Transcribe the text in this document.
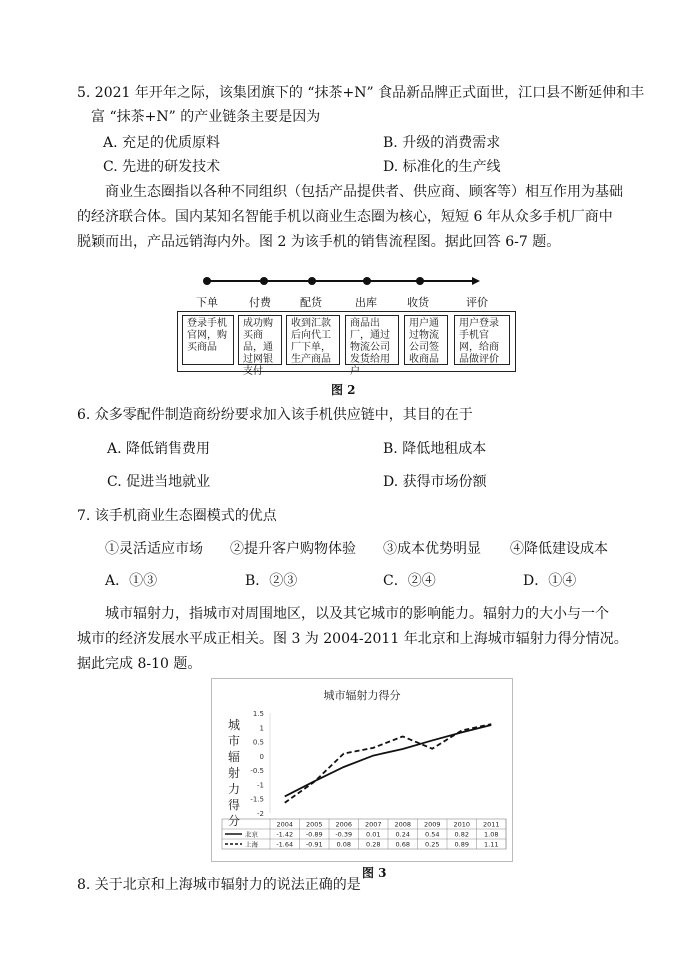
5. 2021 年开年之际，该集团旗下的 “抹茶+N” 食品新品牌正式面世，江口县不断延伸和丰
富 “抹茶+N” 的产业链条主要是因为
A. 充足的优质原料	B. 升级的消费需求
C. 先进的研发技术	D. 标准化的生产线
商业生态圈指以各种不同组织（包括产品提供者、供应商、顾客等）相互作用为基础
的经济联合体。国内某知名智能手机以商业生态圈为核心，短短 6 年从众多手机厂商中
脱颖而出，产品远销海内外。图 2 为该手机的销售流程图。据此回答 6-7 题。
下单	付费	配货	出库	收货	评价
登录手机官网，购买商品
成功购买商品，通过网银支付
收到汇款后向代工厂下单，生产商品
商品出厂，通过物流公司发货给用户
用户通过物流公司签收商品
用户登录手机官网，给商品做评价
图 2
6. 众多零配件制造商纷纷要求加入该手机供应链中，其目的在于
A. 降低销售费用	B. 降低地租成本
C. 促进当地就业	D. 获得市场份额
7. 该手机商业生态圈模式的优点
①灵活适应市场 ②提升客户购物体验 ③成本优势明显 ④降低建设成本
A．①③	B．②③	C．②④	D．①④
城市辐射力，指城市对周围地区，以及其它城市的影响能力。辐射力的大小与一个
城市的经济发展水平成正相关。图 3 为 2004-2011 年北京和上海城市辐射力得分情况。
据此完成 8-10 题。
城市辐射力得分
城
市
辐
射
力
得
分
1.5
1
0.5
0
-0.5
-1
-1.5
-2
2004 2005 2006 2007 2008 2009 2010 2011
北京	-1.42 -0.89 -0.39 0.01 0.24 0.54 0.82 1.08
上海	-1.64 -0.91 0.08 0.28 0.68 0.25 0.89 1.11
图 3
8. 关于北京和上海城市辐射力的说法正确的是
